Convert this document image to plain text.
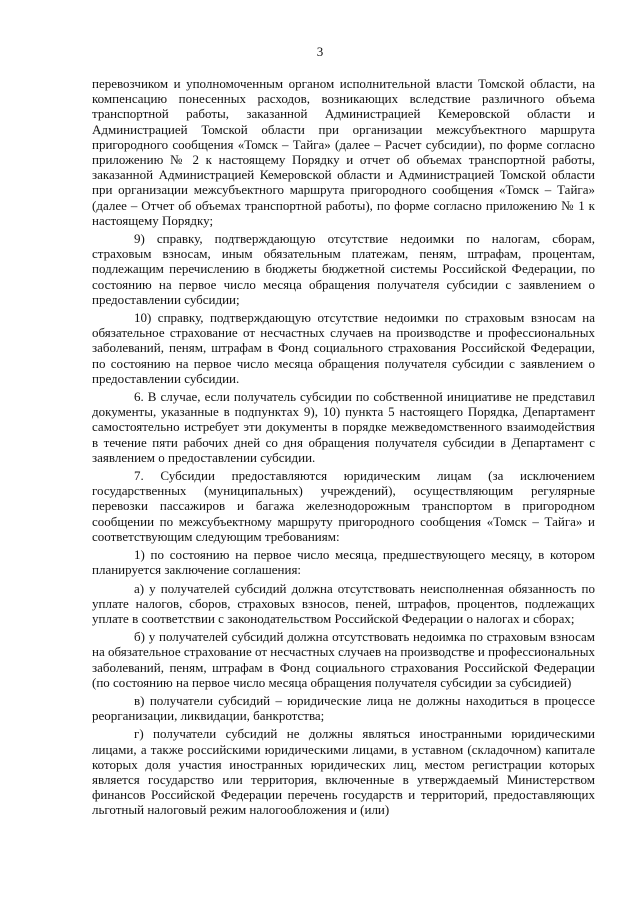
3

перевозчиком и уполномоченным органом исполнительной власти Томской области, на компенсацию понесенных расходов, возникающих вследствие различного объема транспортной работы, заказанной Администрацией Кемеровской области и Администрацией Томской области при организации межсубъектного маршрута пригородного сообщения «Томск – Тайга» (далее – Расчет субсидии), по форме согласно приложению № 2 к настоящему Порядку и отчет об объемах транспортной работы, заказанной Администрацией Кемеровской области и Администрацией Томской области при организации межсубъектного маршрута пригородного сообщения «Томск – Тайга» (далее – Отчет об объемах транспортной работы), по форме согласно приложению № 1 к настоящему Порядку;

9) справку, подтверждающую отсутствие недоимки по налогам, сборам, страховым взносам, иным обязательным платежам, пеням, штрафам, процентам, подлежащим перечислению в бюджеты бюджетной системы Российской Федерации, по состоянию на первое число месяца обращения получателя субсидии с заявлением о предоставлении субсидии;

10) справку, подтверждающую отсутствие недоимки по страховым взносам на обязательное страхование от несчастных случаев на производстве и профессиональных заболеваний, пеням, штрафам в Фонд социального страхования Российской Федерации, по состоянию на первое число месяца обращения получателя субсидии с заявлением о предоставлении субсидии.

6. В случае, если получатель субсидии по собственной инициативе не представил документы, указанные в подпунктах 9), 10) пункта 5 настоящего Порядка, Департамент самостоятельно истребует эти документы в порядке межведомственного взаимодействия в течение пяти рабочих дней со дня обращения получателя субсидии в Департамент с заявлением о предоставлении субсидии.

7. Субсидии предоставляются юридическим лицам (за исключением государственных (муниципальных) учреждений), осуществляющим регулярные перевозки пассажиров и багажа железнодорожным транспортом в пригородном сообщении по межсубъектному маршруту пригородного сообщения «Томск – Тайга» и соответствующим следующим требованиям:

1) по состоянию на первое число месяца, предшествующего месяцу, в котором планируется заключение соглашения:

а) у получателей субсидий должна отсутствовать неисполненная обязанность по уплате налогов, сборов, страховых взносов, пеней, штрафов, процентов, подлежащих уплате в соответствии с законодательством Российской Федерации о налогах и сборах;

б) у получателей субсидий должна отсутствовать недоимка по страховым взносам на обязательное страхование от несчастных случаев на производстве и профессиональных заболеваний, пеням, штрафам в Фонд социального страхования Российской Федерации (по состоянию на первое число месяца обращения получателя субсидии за субсидией)

в) получатели субсидий – юридические лица не должны находиться в процессе реорганизации, ликвидации, банкротства;

г) получатели субсидий не должны являться иностранными юридическими лицами, а также российскими юридическими лицами, в уставном (складочном) капитале которых доля участия иностранных юридических лиц, местом регистрации которых является государство или территория, включенные в утверждаемый Министерством финансов Российской Федерации перечень государств и территорий, предоставляющих льготный налоговый режим налогообложения и (или)
